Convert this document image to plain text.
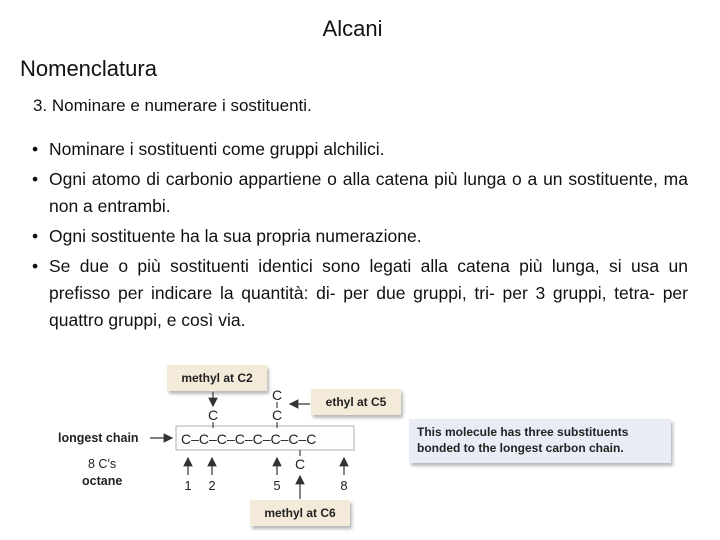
Alcani
Nomenclatura
3. Nominare e numerare i sostituenti.
• Nominare i sostituenti come gruppi alchilici.
• Ogni atomo di carbonio appartiene o alla catena più lunga o a un sostituente, ma non a entrambi.
• Ogni sostituente ha la sua propria numerazione.
• Se due o più sostituenti identici sono legati alla catena più lunga, si usa un prefisso per indicare la quantità: di- per due gruppi, tri- per 3 gruppi, tetra- per quattro gruppi, e così via.
methyl at C2
ethyl at C5
methyl at C6
This molecule has three substituents bonded to the longest carbon chain.
longest chain
8 C's
octane
C–C–C–C–C–C–C–C
C
C
C
C
1 2	5	8
